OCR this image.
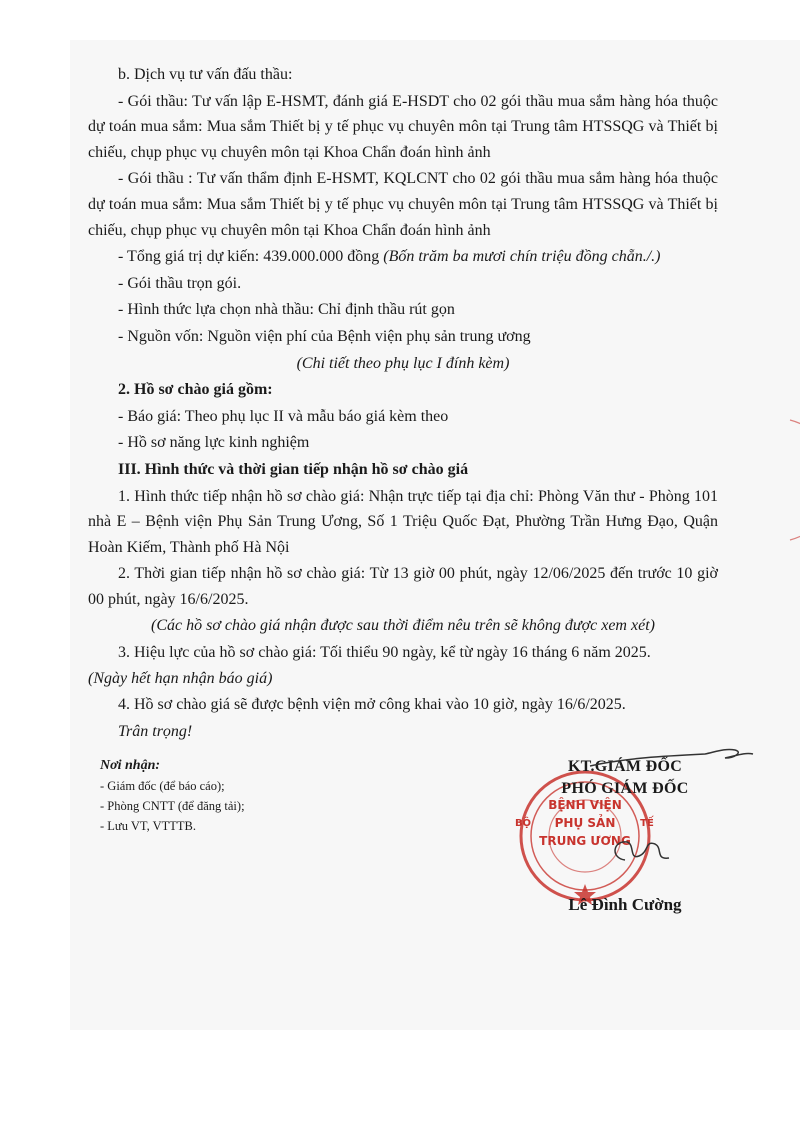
b. Dịch vụ tư vấn đấu thầu:

- Gói thầu: Tư vấn lập E-HSMT, đánh giá E-HSDT cho 02 gói thầu mua sắm hàng hóa thuộc dự toán mua sắm: Mua sắm Thiết bị y tế phục vụ chuyên môn tại Trung tâm HTSSQG và Thiết bị chiếu, chụp phục vụ chuyên môn tại Khoa Chẩn đoán hình ảnh

- Gói thầu : Tư vấn thẩm định E-HSMT, KQLCNT cho 02 gói thầu mua sắm hàng hóa thuộc dự toán mua sắm: Mua sắm Thiết bị y tế phục vụ chuyên môn tại Trung tâm HTSSQG và Thiết bị chiếu, chụp phục vụ chuyên môn tại Khoa Chẩn đoán hình ảnh

- Tổng giá trị dự kiến: 439.000.000 đồng (Bốn trăm ba mươi chín triệu đồng chẵn./.)

- Gói thầu trọn gói.

- Hình thức lựa chọn nhà thầu: Chỉ định thầu rút gọn

- Nguồn vốn: Nguồn viện phí của Bệnh viện phụ sản trung ương

(Chi tiết theo phụ lục I đính kèm)

2. Hồ sơ chào giá gồm:

- Báo giá: Theo phụ lục II và mẫu báo giá kèm theo

- Hồ sơ năng lực kinh nghiệm

III. Hình thức và thời gian tiếp nhận hồ sơ chào giá

1. Hình thức tiếp nhận hồ sơ chào giá: Nhận trực tiếp tại địa chỉ: Phòng Văn thư - Phòng 101 nhà E – Bệnh viện Phụ Sản Trung Ương, Số 1 Triệu Quốc Đạt, Phường Trần Hưng Đạo, Quận Hoàn Kiếm, Thành phố Hà Nội

2. Thời gian tiếp nhận hồ sơ chào giá: Từ 13 giờ 00 phút, ngày 12/06/2025 đến trước 10 giờ 00 phút, ngày 16/6/2025.

(Các hồ sơ chào giá nhận được sau thời điểm nêu trên sẽ không được xem xét)

3. Hiệu lực của hồ sơ chào giá: Tối thiểu 90 ngày, kể từ ngày 16 tháng 6 năm 2025.

(Ngày hết hạn nhận báo giá)

4. Hồ sơ chào giá sẽ được bệnh viện mở công khai vào 10 giờ, ngày 16/6/2025.

Trân trọng!

Nơi nhận:

- Giám đốc (để báo cáo);

- Phòng CNTT (để đăng tải);

- Lưu VT, VTTTB.

BỆNH VIỆN
PHỤ SẢN
TRUNG ƯƠNG
BỘ	TẾ
KT.GIÁM ĐỐC
PHÓ GIÁM ĐỐC
Lê Đình Cường
